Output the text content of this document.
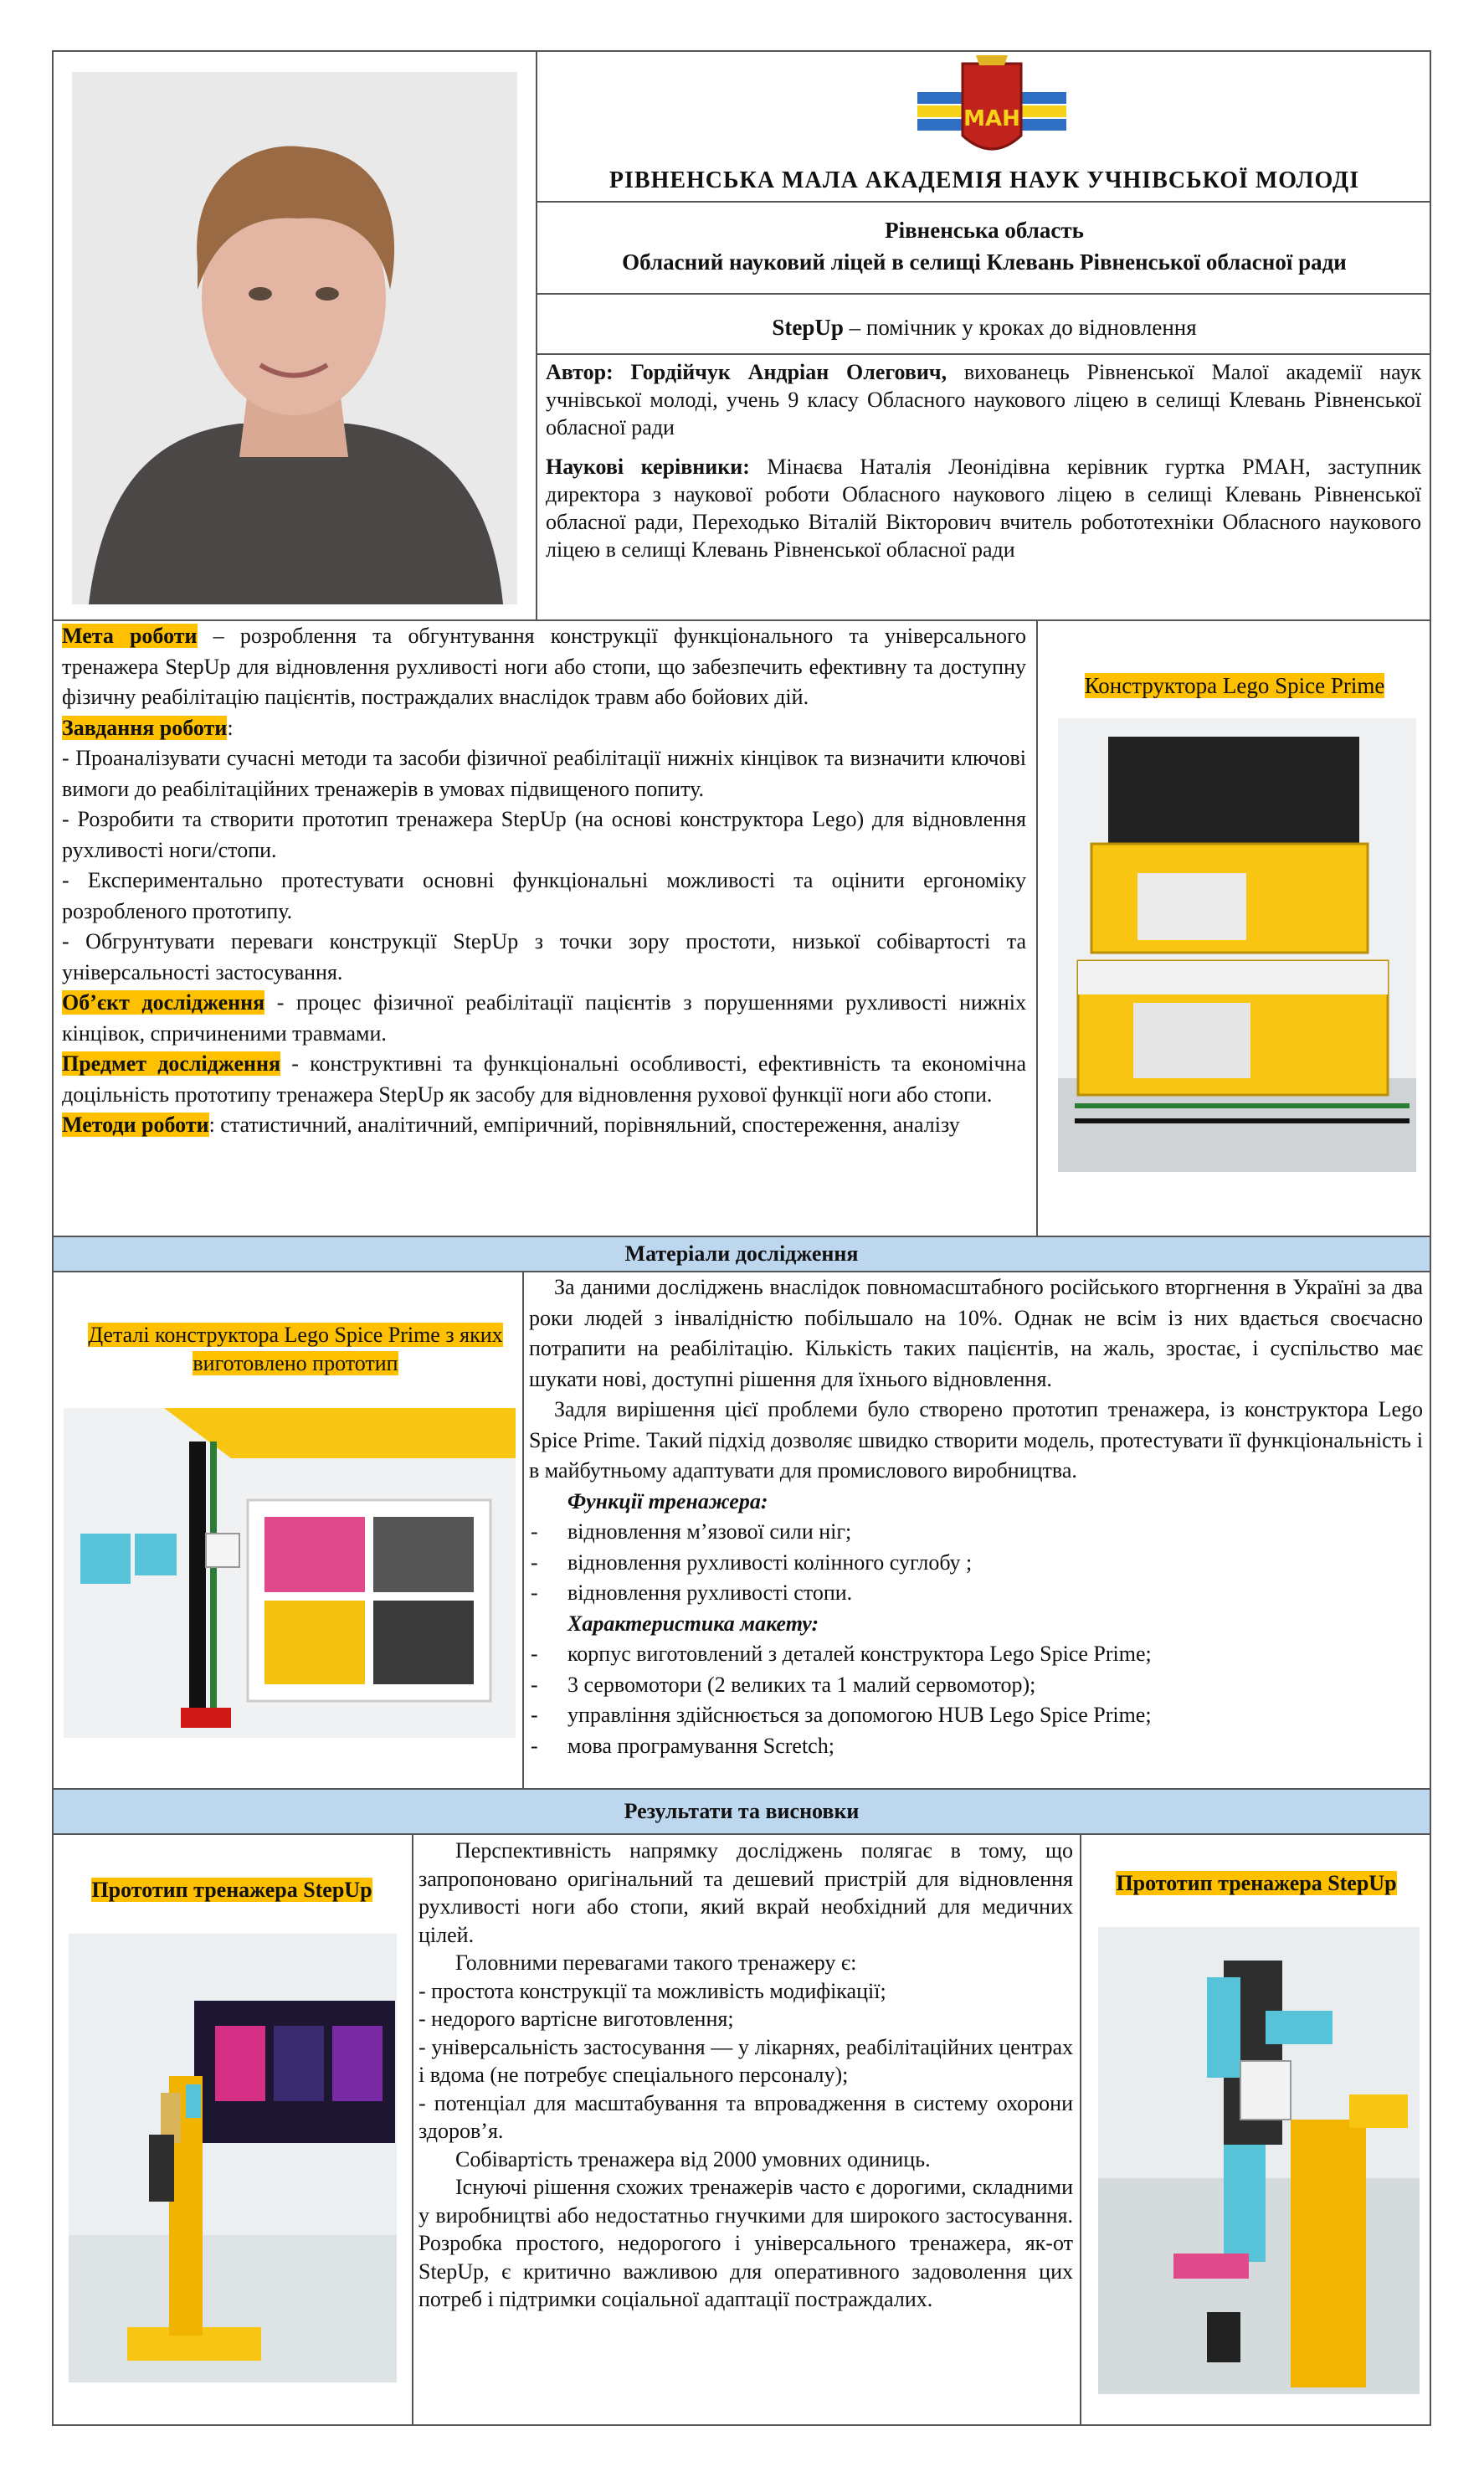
МАН
РІВНЕНСЬКА МАЛА АКАДЕМІЯ НАУК УЧНІВСЬКОЇ МОЛОДІ
Рівненська область
Обласний науковий ліцей в селищі Клевань Рівненської обласної ради
StepUp – помічник у кроках до відновлення

Автор: Гордійчук Андріан Олегович, вихованець Рівненської Малої академії наук учнівської молоді, учень 9 класу Обласного наукового ліцею в селищі Клевань Рівненської обласної ради

Наукові керівники: Мінаєва Наталія Леонідівна керівник гуртка РМАН, заступник директора з наукової роботи Обласного наукового ліцею в селищі Клевань Рівненської обласної ради, Переходько Віталій Вікторович вчитель робототехніки Обласного наукового ліцею в селищі Клевань Рівненської обласної ради

Мета роботи – розроблення та обгунтування конструкції функціонального та універсального тренажера StepUp для відновлення рухливості ноги або стопи, що забезпечить ефективну та доступну фізичну реабілітацію пацієнтів, постраждалих внаслідок травм або бойових дій.

Завдання роботи:

- Проаналізувати сучасні методи та засоби фізичної реабілітації нижніх кінцівок та визначити ключові вимоги до реабілітаційних тренажерів в умовах підвищеного попиту.

- Розробити та створити прототип тренажера StepUp (на основі конструктора Lego) для відновлення рухливості ноги/стопи.

- Експериментально протестувати основні функціональні можливості та оцінити ергономіку розробленого прототипу.

- Обгрунтувати переваги конструкції StepUp з точки зору простоти, низької собівартості та універсальності застосування.

Об’єкт дослідження - процес фізичної реабілітації пацієнтів з порушеннями рухливості нижніх кінцівок, спричиненими травмами.

Предмет дослідження - конструктивні та функціональні особливості, ефективність та економічна доцільність прототипу тренажера StepUp як засобу для відновлення рухової функції ноги або стопи.

Методи роботи: статистичний, аналітичний, емпіричний, порівняльний, спостереження, аналізу

Конструктора Lego Spice Prime
Матеріали дослідження
Деталі конструктора Lego Spice Prime з яких виготовлено прототип

За даними досліджень внаслідок повномасштабного російського вторгнення в Україні за два роки людей з інвалідністю побільшало на 10%. Однак не всім із них вдається своєчасно потрапити на реабілітацію. Кількість таких пацієнтів, на жаль, зростає, і суспільство має шукати нові, доступні рішення для їхнього відновлення.

Задля вирішення цієї проблеми було створено прототип тренажера, із конструктора Lego Spice Prime. Такий підхід дозволяє швидко створити модель, протестувати її функціональність і в майбутньому адаптувати для промислового виробництва.

Функції тренажера:

- відновлення м’язової сили ніг;
- відновлення рухливості колінного суглобу ;
- відновлення рухливості стопи.

Характеристика макету:

- корпус виготовлений з деталей конструктора Lego Spice Prime;
- 3 сервомотори (2 великих та 1 малий сервомотор);
- управління здійснюється за допомогою HUB Lego Spice Prime;
- мова програмування Scretch;
Результати та висновки
Прототип тренажера StepUp

Перспективність напрямку досліджень полягає в тому, що запропоновано оригінальний та дешевий пристрій для відновлення рухливості ноги або стопи, який вкрай необхідний для медичних цілей.

Головними перевагами такого тренажеру є:

- простота конструкції та можливість модифікації;

- недорого вартісне виготовлення;

- універсальність застосування — у лікарнях, реабілітаційних центрах і вдома (не потребує спеціального персоналу);

- потенціал для масштабування та впровадження в систему охорони здоров’я.

Собівартість тренажера від 2000 умовних одиниць.

Існуючі рішення схожих тренажерів часто є дорогими, складними у виробництві або недостатньо гнучкими для широкого застосування. Розробка простого, недорогого і універсального тренажера, як-от StepUp, є критично важливою для оперативного задоволення цих потреб і підтримки соціальної адаптації постраждалих.

Прототип тренажера StepUp
